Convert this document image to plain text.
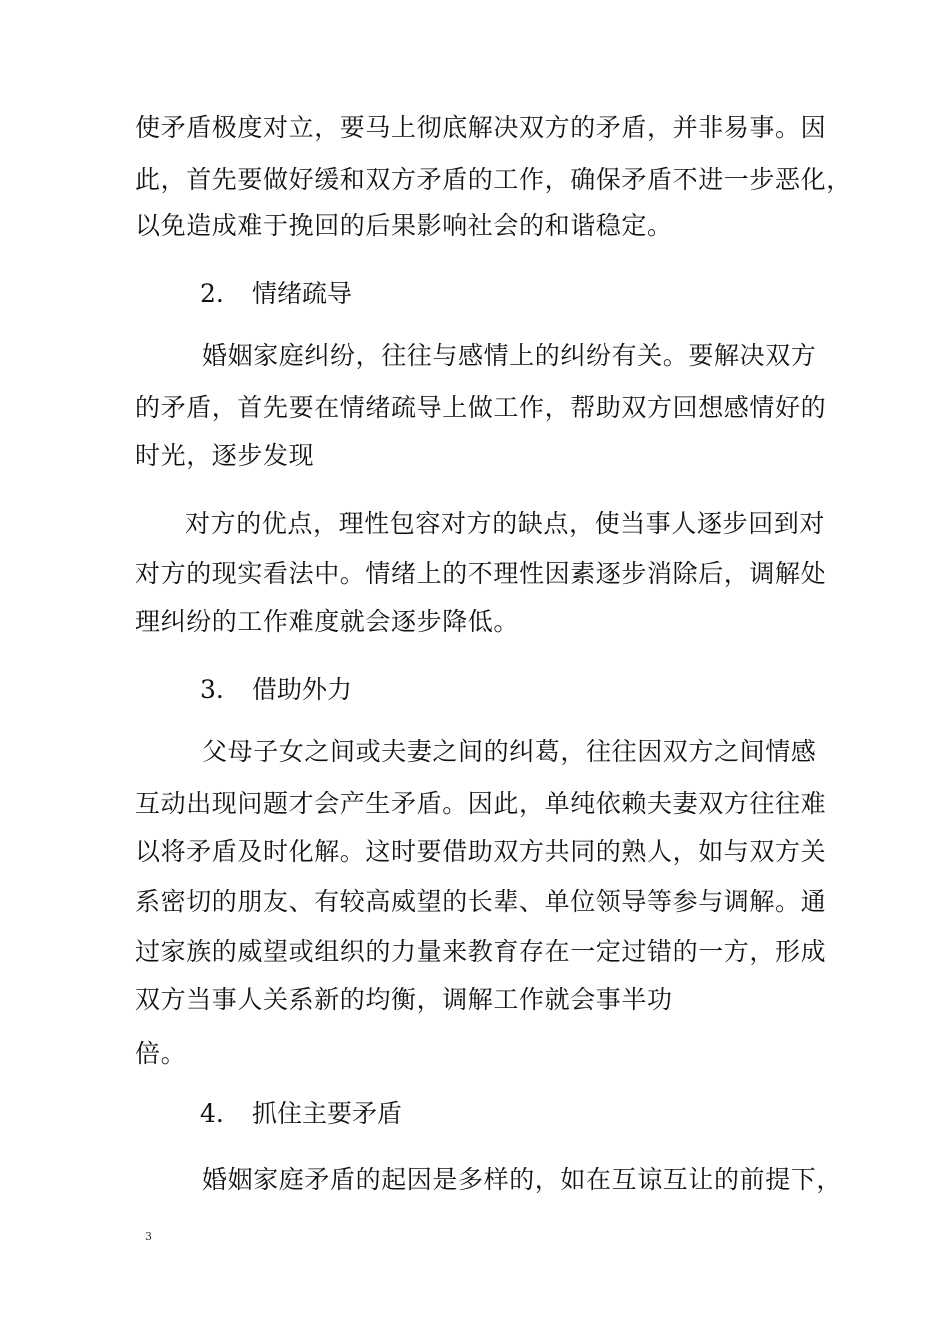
使矛盾极度对立，要马上彻底解决双方的矛盾，并非易事。因
此，首先要做好缓和双方矛盾的工作，确保矛盾不进一步恶化，
以免造成难于挽回的后果影响社会的和谐稳定。
2. 情绪疏导
婚姻家庭纠纷，往往与感情上的纠纷有关。要解决双方
的矛盾，首先要在情绪疏导上做工作，帮助双方回想感情好的
时光，逐步发现
对方的优点，理性包容对方的缺点，使当事人逐步回到对
对方的现实看法中。情绪上的不理性因素逐步消除后，调解处
理纠纷的工作难度就会逐步降低。
3. 借助外力
父母子女之间或夫妻之间的纠葛，往往因双方之间情感
互动出现问题才会产生矛盾。因此，单纯依赖夫妻双方往往难
以将矛盾及时化解。这时要借助双方共同的熟人，如与双方关
系密切的朋友、有较高威望的长辈、单位领导等参与调解。通
过家族的威望或组织的力量来教育存在一定过错的一方，形成
双方当事人关系新的均衡，调解工作就会事半功
倍。
4. 抓住主要矛盾
婚姻家庭矛盾的起因是多样的，如在互谅互让的前提下，
3
